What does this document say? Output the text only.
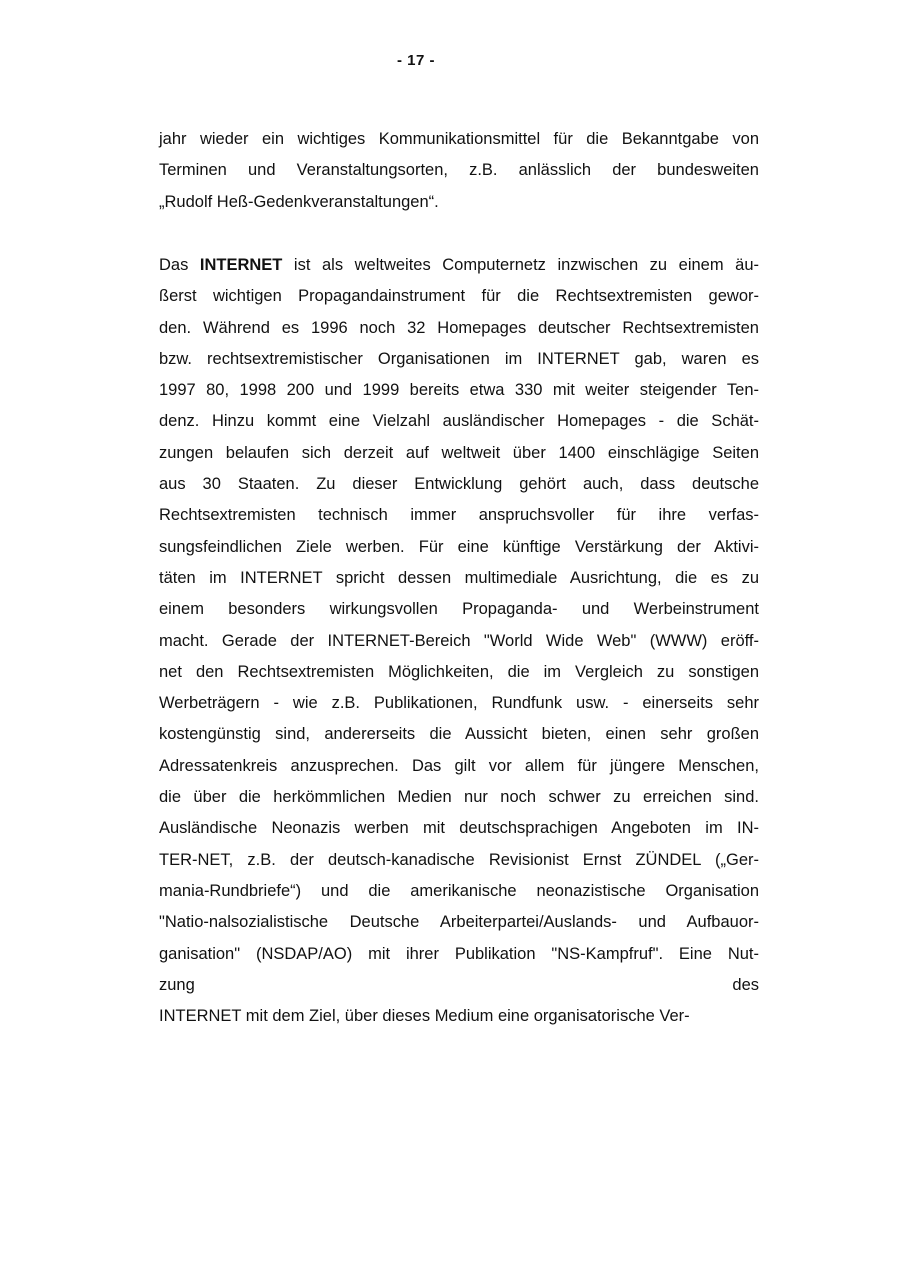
- 17 -
jahr wieder ein wichtiges Kommunikationsmittel für die Bekanntgabe von
Terminen und Veranstaltungsorten, z.B. anlässlich der bundesweiten
„Rudolf Heß-Gedenkveranstaltungen“.
Das INTERNET ist als weltweites Computernetz inzwischen zu einem äu-
ßerst wichtigen Propagandainstrument für die Rechtsextremisten gewor-
den. Während es 1996 noch 32 Homepages deutscher Rechtsextremisten
bzw. rechtsextremistischer Organisationen im INTERNET gab, waren es
1997 80, 1998 200 und 1999 bereits etwa 330 mit weiter steigender Ten-
denz. Hinzu kommt eine Vielzahl ausländischer Homepages - die Schät-
zungen belaufen sich derzeit auf weltweit über 1400 einschlägige Seiten
aus 30 Staaten. Zu dieser Entwicklung gehört auch, dass deutsche
Rechtsextremisten technisch immer anspruchsvoller für ihre verfas-
sungsfeindlichen Ziele werben. Für eine künftige Verstärkung der Aktivi-
täten im INTERNET spricht dessen multimediale Ausrichtung, die es zu
einem besonders wirkungsvollen Propaganda- und Werbeinstrument
macht. Gerade der INTERNET-Bereich "World Wide Web" (WWW) eröff-
net den Rechtsextremisten Möglichkeiten, die im Vergleich zu sonstigen
Werbeträgern - wie z.B. Publikationen, Rundfunk usw. - einerseits sehr
kostengünstig sind, andererseits die Aussicht bieten, einen sehr großen
Adressatenkreis anzusprechen. Das gilt vor allem für jüngere Menschen,
die über die herkömmlichen Medien nur noch schwer zu erreichen sind.
Ausländische Neonazis werben mit deutschsprachigen Angeboten im IN-
TER-NET, z.B. der deutsch-kanadische Revisionist Ernst ZÜNDEL („Ger-
mania-Rundbriefe“) und die amerikanische neonazistische Organisation
"Natio-nalsozialistische Deutsche Arbeiterpartei/Auslands- und Aufbauor-
ganisation" (NSDAP/AO) mit ihrer Publikation "NS-Kampfruf". Eine Nut-
zung des
INTERNET mit dem Ziel, über dieses Medium eine organisatorische Ver-
